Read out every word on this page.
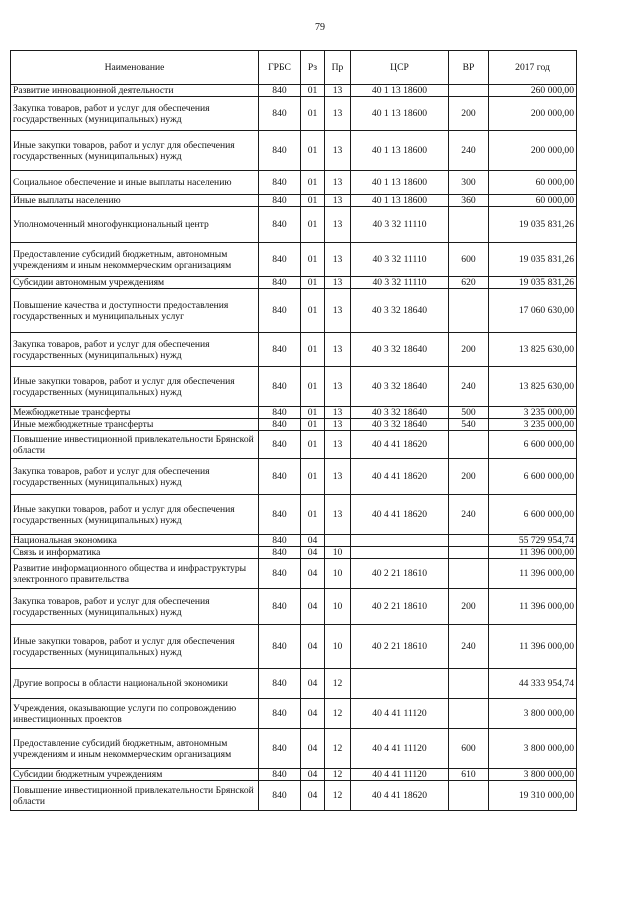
79
Наименование	ГРБС	Рз	Пр	ЦСР	ВР	2017 год
Развитие инновационной деятельности	840	01	13	40 1 13 18600		260 000,00
Закупка товаров, работ и услуг для обеспечения государственных (муниципальных) нужд	840	01	13	40 1 13 18600	200	200 000,00
Иные закупки товаров, работ и услуг для обеспечения государственных (муниципальных) нужд	840	01	13	40 1 13 18600	240	200 000,00
Социальное обеспечение и иные выплаты населению	840	01	13	40 1 13 18600	300	60 000,00
Иные выплаты населению	840	01	13	40 1 13 18600	360	60 000,00
Уполномоченный многофункциональный центр	840	01	13	40 3 32 11110		19 035 831,26
Предоставление субсидий бюджетным, автономным учреждениям и иным некоммерческим организациям	840	01	13	40 3 32 11110	600	19 035 831,26
Субсидии автономным учреждениям	840	01	13	40 3 32 11110	620	19 035 831,26
Повышение качества и доступности предоставления государственных и муниципальных услуг	840	01	13	40 3 32 18640		17 060 630,00
Закупка товаров, работ и услуг для обеспечения государственных (муниципальных) нужд	840	01	13	40 3 32 18640	200	13 825 630,00
Иные закупки товаров, работ и услуг для обеспечения государственных (муниципальных) нужд	840	01	13	40 3 32 18640	240	13 825 630,00
Межбюджетные трансферты	840	01	13	40 3 32 18640	500	3 235 000,00
Иные межбюджетные трансферты	840	01	13	40 3 32 18640	540	3 235 000,00
Повышение инвестиционной привлекательности Брянской области	840	01	13	40 4 41 18620		6 600 000,00
Закупка товаров, работ и услуг для обеспечения государственных (муниципальных) нужд	840	01	13	40 4 41 18620	200	6 600 000,00
Иные закупки товаров, работ и услуг для обеспечения государственных (муниципальных) нужд	840	01	13	40 4 41 18620	240	6 600 000,00
Национальная экономика	840	04				55 729 954,74
Связь и информатика	840	04	10			11 396 000,00
Развитие информационного общества и инфраструктуры электронного правительства	840	04	10	40 2 21 18610		11 396 000,00
Закупка товаров, работ и услуг для обеспечения государственных (муниципальных) нужд	840	04	10	40 2 21 18610	200	11 396 000,00
Иные закупки товаров, работ и услуг для обеспечения государственных (муниципальных) нужд	840	04	10	40 2 21 18610	240	11 396 000,00
Другие вопросы в области национальной экономики	840	04	12			44 333 954,74
Учреждения, оказывающие услуги по сопровождению инвестиционных проектов	840	04	12	40 4 41 11120		3 800 000,00
Предоставление субсидий бюджетным, автономным учреждениям и иным некоммерческим организациям	840	04	12	40 4 41 11120	600	3 800 000,00
Субсидии бюджетным учреждениям	840	04	12	40 4 41 11120	610	3 800 000,00
Повышение инвестиционной привлекательности Брянской области	840	04	12	40 4 41 18620		19 310 000,00
